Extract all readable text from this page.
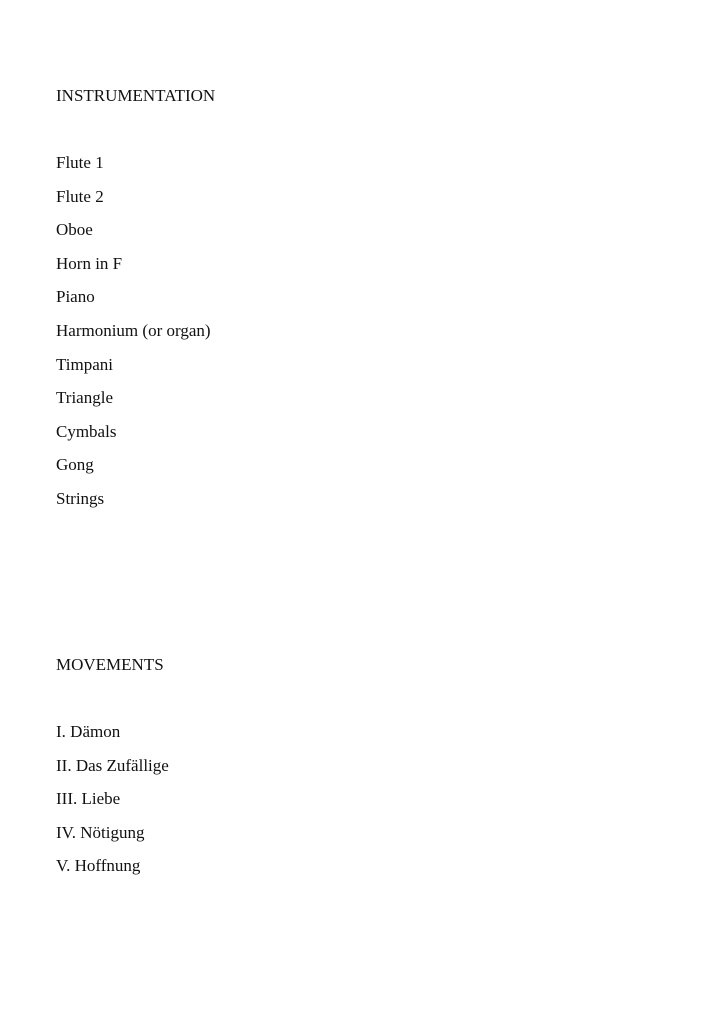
INSTRUMENTATION
Flute 1
Flute 2
Oboe
Horn in F
Piano
Harmonium (or organ)
Timpani
Triangle
Cymbals
Gong
Strings
MOVEMENTS
I. Dämon
II. Das Zufällige
III. Liebe
IV. Nötigung
V. Hoffnung
